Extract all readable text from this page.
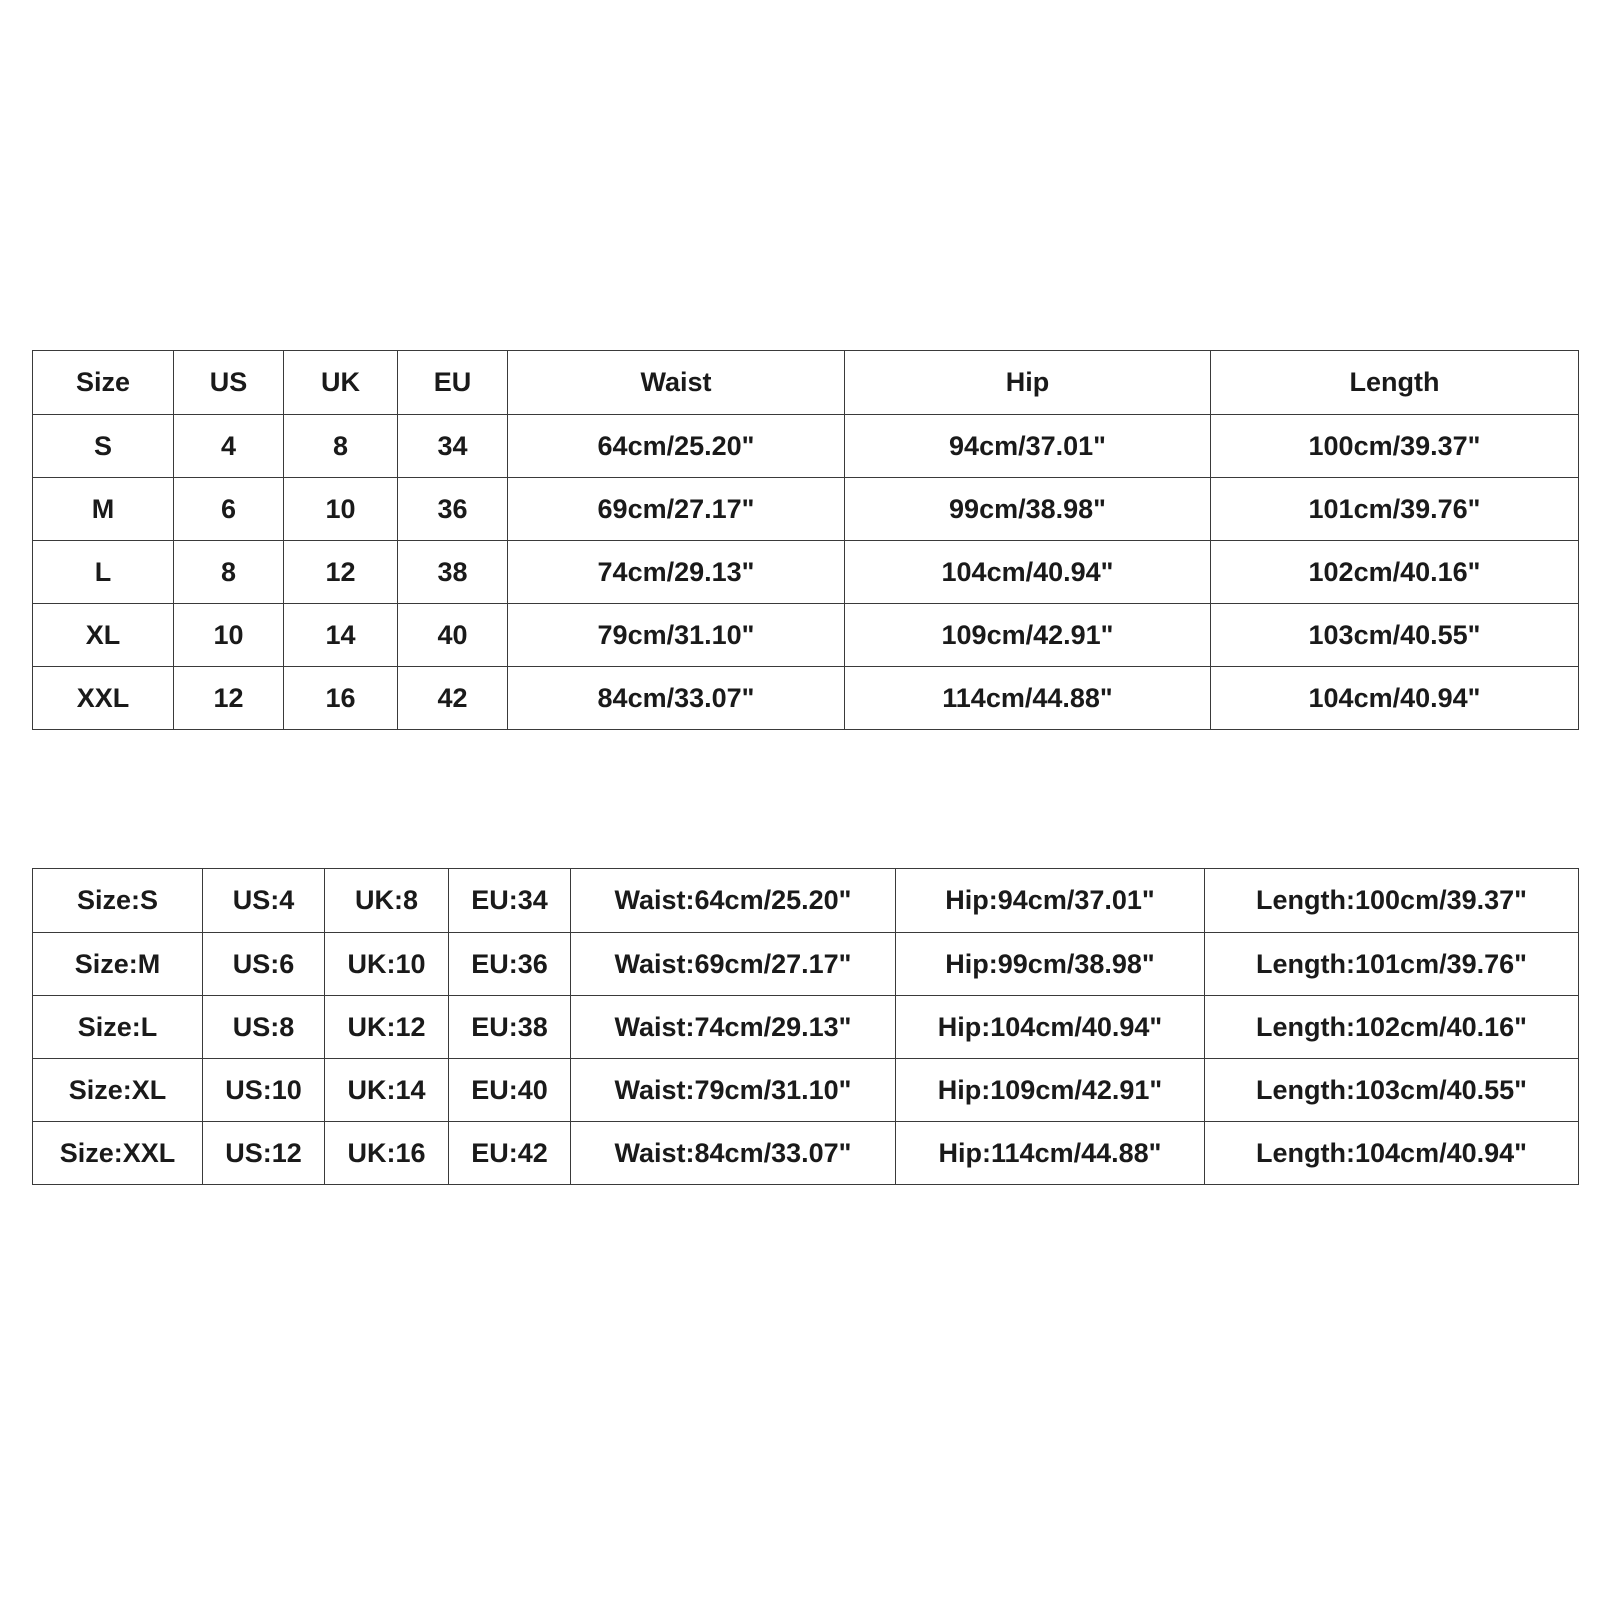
Size	US	UK	EU	Waist	Hip	Length
S	4	8	34	64cm/25.20"	94cm/37.01"	100cm/39.37"
M	6	10	36	69cm/27.17"	99cm/38.98"	101cm/39.76"
L	8	12	38	74cm/29.13"	104cm/40.94"	102cm/40.16"
XL	10	14	40	79cm/31.10"	109cm/42.91"	103cm/40.55"
XXL	12	16	42	84cm/33.07"	114cm/44.88"	104cm/40.94"
Size:S	US:4	UK:8	EU:34	Waist:64cm/25.20"	Hip:94cm/37.01"	Length:100cm/39.37"
Size:M	US:6	UK:10	EU:36	Waist:69cm/27.17"	Hip:99cm/38.98"	Length:101cm/39.76"
Size:L	US:8	UK:12	EU:38	Waist:74cm/29.13"	Hip:104cm/40.94"	Length:102cm/40.16"
Size:XL	US:10	UK:14	EU:40	Waist:79cm/31.10"	Hip:109cm/42.91"	Length:103cm/40.55"
Size:XXL	US:12	UK:16	EU:42	Waist:84cm/33.07"	Hip:114cm/44.88"	Length:104cm/40.94"
